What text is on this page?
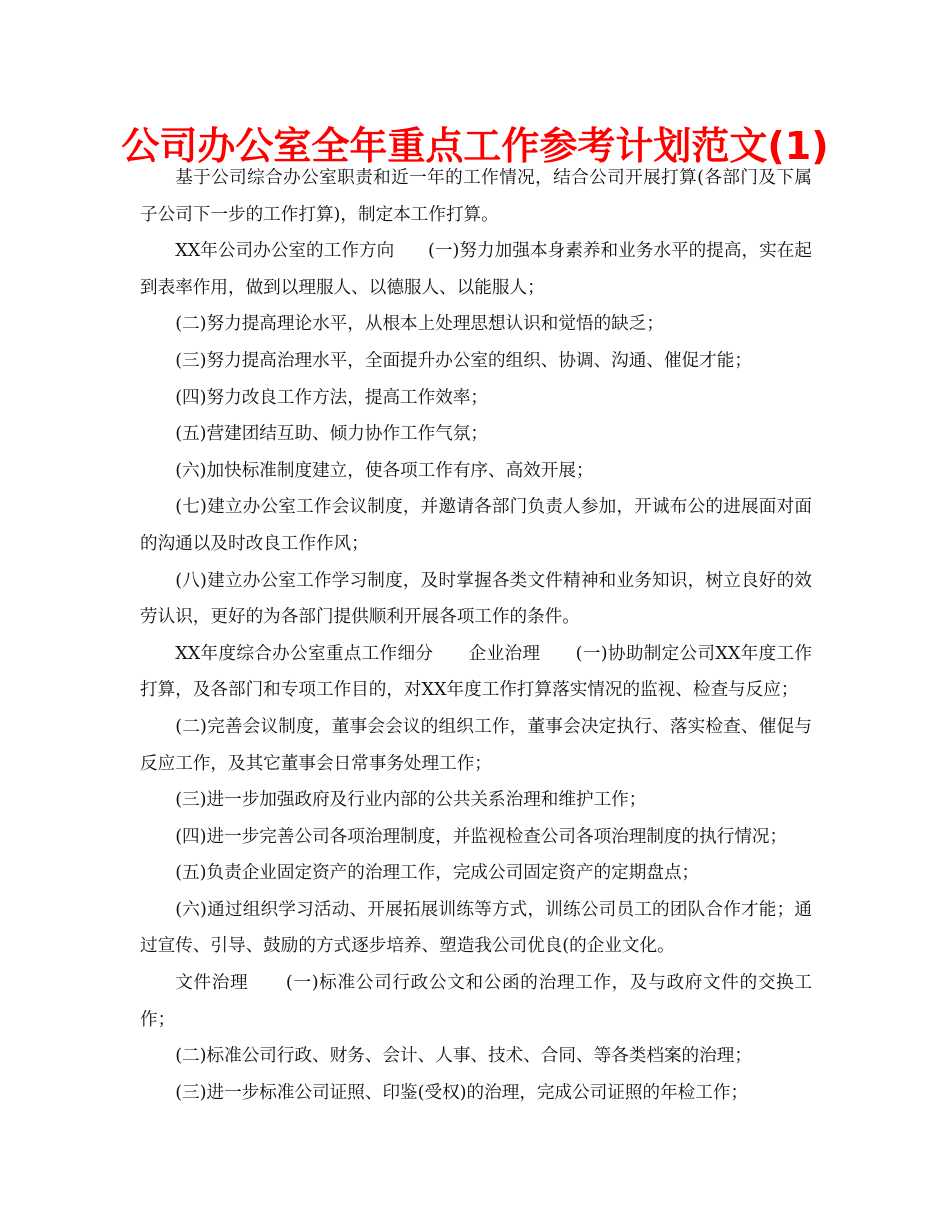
公司办公室全年重点工作参考计划范文(1)

基于公司综合办公室职责和近一年的工作情况，结合公司开展打算(各部门及下属子公司下一步的工作打算)，制定本工作打算。

XX年公司办公室的工作方向      (一)努力加强本身素养和业务水平的提高，实在起到表率作用，做到以理服人、以德服人、以能服人；

(二)努力提高理论水平，从根本上处理思想认识和觉悟的缺乏；

(三)努力提高治理水平，全面提升办公室的组织、协调、沟通、催促才能；

(四)努力改良工作方法，提高工作效率；

(五)营建团结互助、倾力协作工作气氛；

(六)加快标准制度建立，使各项工作有序、高效开展；

(七)建立办公室工作会议制度，并邀请各部门负责人参加，开诚布公的进展面对面的沟通以及时改良工作作风；

(八)建立办公室工作学习制度，及时掌握各类文件精神和业务知识，树立良好的效劳认识，更好的为各部门提供顺利开展各项工作的条件。

XX年度综合办公室重点工作细分      企业治理      (一)协助制定公司XX年度工作打算，及各部门和专项工作目的，对XX年度工作打算落实情况的监视、检查与反应；

(二)完善会议制度，董事会会议的组织工作，董事会决定执行、落实检查、催促与反应工作，及其它董事会日常事务处理工作；

(三)进一步加强政府及行业内部的公共关系治理和维护工作；

(四)进一步完善公司各项治理制度，并监视检查公司各项治理制度的执行情况；

(五)负责企业固定资产的治理工作，完成公司固定资产的定期盘点；

(六)通过组织学习活动、开展拓展训练等方式，训练公司员工的团队合作才能；通过宣传、引导、鼓励的方式逐步培养、塑造我公司优良(的企业文化。

文件治理      (一)标准公司行政公文和公函的治理工作，及与政府文件的交换工作；

(二)标准公司行政、财务、会计、人事、技术、合同、等各类档案的治理；

(三)进一步标准公司证照、印鉴(受权)的治理，完成公司证照的年检工作；
